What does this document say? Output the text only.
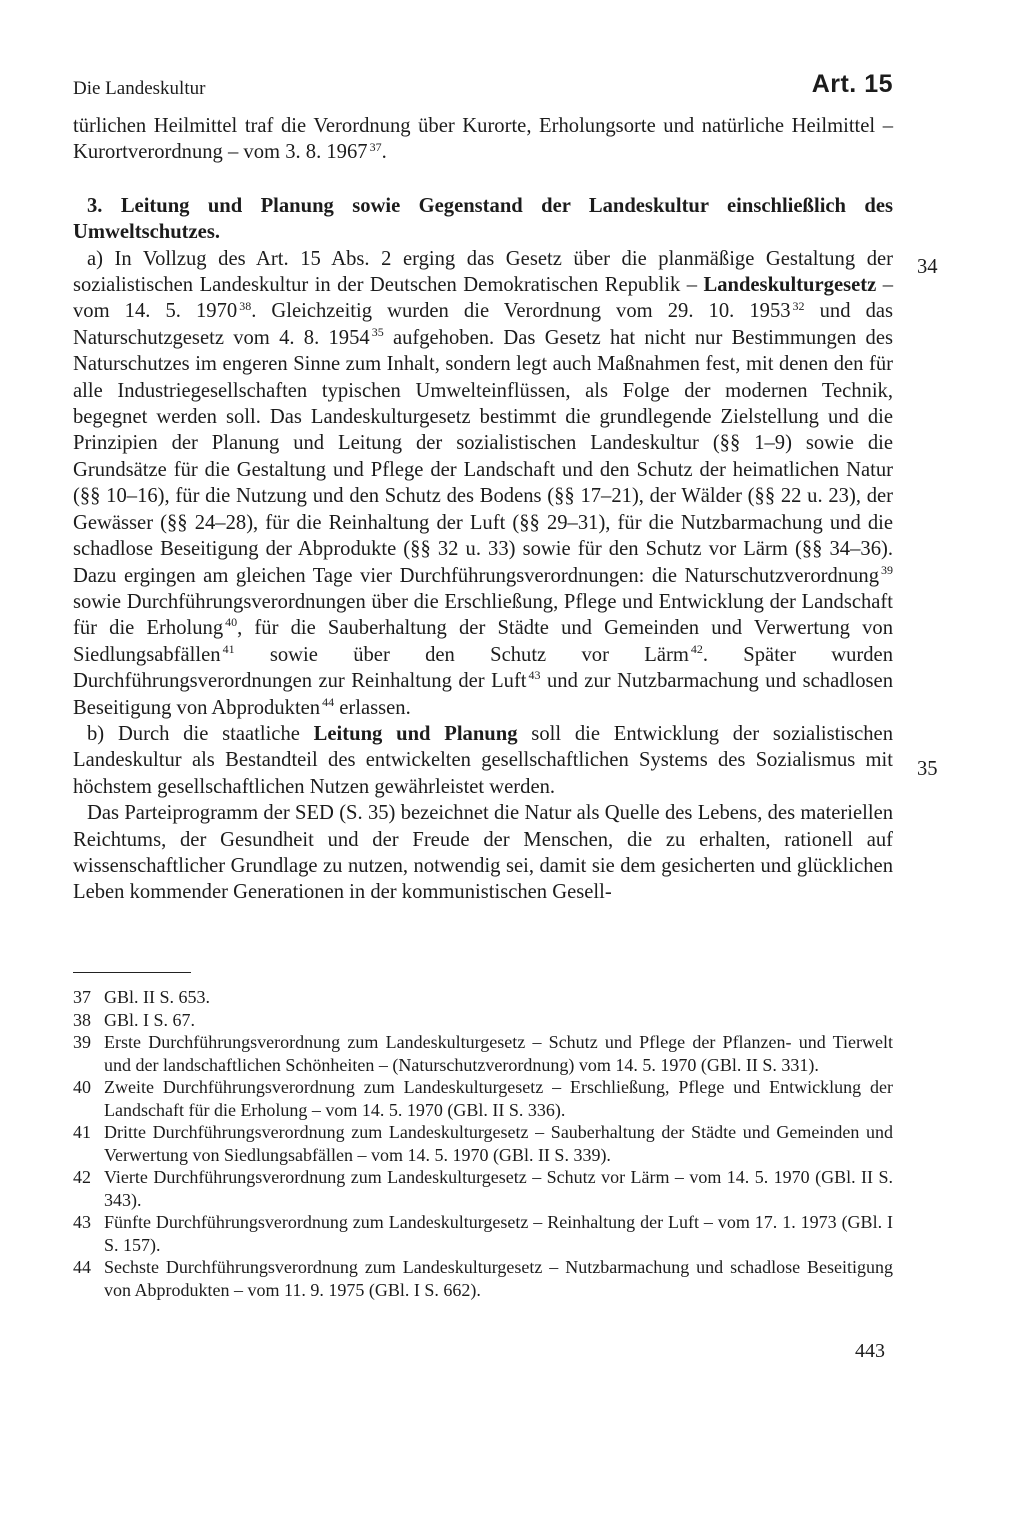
Die Landeskultur	Art. 15

türlichen Heilmittel traf die Verordnung über Kurorte, Erholungsorte und natürliche Heilmittel – Kurortverordnung – vom 3. 8. 1967 $^{37}$.

3. Leitung und Planung sowie Gegenstand der Landeskultur einschließlich des Umweltschutzes.

a) In Vollzug des Art. 15 Abs. 2 erging das Gesetz über die planmäßige Gestaltung der sozialistischen Landeskultur in der Deutschen Demokratischen Republik – Landeskulturgesetz – vom 14. 5. 1970 $^{38}$. Gleichzeitig wurden die Verordnung vom 29. 10. 1953 $^{32}$ und das Naturschutzgesetz vom 4. 8. 1954 $^{35}$ aufgehoben. Das Gesetz hat nicht nur Bestimmungen des Naturschutzes im engeren Sinne zum Inhalt, sondern legt auch Maßnahmen fest, mit denen den für alle Industriegesellschaften typischen Umwelteinflüssen, als Folge der modernen Technik, begegnet werden soll. Das Landeskulturgesetz bestimmt die grundlegende Zielstellung und die Prinzipien der Planung und Leitung der sozialistischen Landeskultur (§§ 1–9) sowie die Grundsätze für die Gestaltung und Pflege der Landschaft und den Schutz der heimatlichen Natur (§§ 10–16), für die Nutzung und den Schutz des Bodens (§§ 17–21), der Wälder (§§ 22 u. 23), der Gewässer (§§ 24–28), für die Reinhaltung der Luft (§§ 29–31), für die Nutzbarmachung und die schadlose Beseitigung der Abprodukte (§§ 32 u. 33) sowie für den Schutz vor Lärm (§§ 34–36). Dazu ergingen am gleichen Tage vier Durchführungsverordnungen: die Naturschutzverordnung $^{39}$ sowie Durchführungsverordnungen über die Erschließung, Pflege und Entwicklung der Landschaft für die Erholung $^{40}$, für die Sauberhaltung der Städte und Gemeinden und Verwertung von Siedlungsabfällen $^{41}$ sowie über den Schutz vor Lärm $^{42}$. Später wurden Durchführungsverordnungen zur Reinhaltung der Luft $^{43}$ und zur Nutzbarmachung und schadlosen Beseitigung von Abprodukten $^{44}$ erlassen.

b) Durch die staatliche Leitung und Planung soll die Entwicklung der sozialistischen Landeskultur als Bestandteil des entwickelten gesellschaftlichen Systems des Sozialismus mit höchstem gesellschaftlichen Nutzen gewährleistet werden.

Das Parteiprogramm der SED (S. 35) bezeichnet die Natur als Quelle des Lebens, des materiellen Reichtums, der Gesundheit und der Freude der Menschen, die zu erhalten, rationell auf wissenschaftlicher Grundlage zu nutzen, notwendig sei, damit sie dem gesicherten und glücklichen Leben kommender Generationen in der kommunistischen Gesell-

34
35
37 GBl. II S. 653.
38 GBl. I S. 67.
39 Erste Durchführungsverordnung zum Landeskulturgesetz – Schutz und Pflege der Pflanzen- und Tierwelt und der landschaftlichen Schönheiten – (Naturschutzverordnung) vom 14. 5. 1970 (GBl. II S. 331).
40 Zweite Durchführungsverordnung zum Landeskulturgesetz – Erschließung, Pflege und Entwicklung der Landschaft für die Erholung – vom 14. 5. 1970 (GBl. II S. 336).
41 Dritte Durchführungsverordnung zum Landeskulturgesetz – Sauberhaltung der Städte und Gemeinden und Verwertung von Siedlungsabfällen – vom 14. 5. 1970 (GBl. II S. 339).
42 Vierte Durchführungsverordnung zum Landeskulturgesetz – Schutz vor Lärm – vom 14. 5. 1970 (GBl. II S. 343).
43 Fünfte Durchführungsverordnung zum Landeskulturgesetz – Reinhaltung der Luft – vom 17. 1. 1973 (GBl. I S. 157).
44 Sechste Durchführungsverordnung zum Landeskulturgesetz – Nutzbarmachung und schadlose Beseitigung von Abprodukten – vom 11. 9. 1975 (GBl. I S. 662).
443
